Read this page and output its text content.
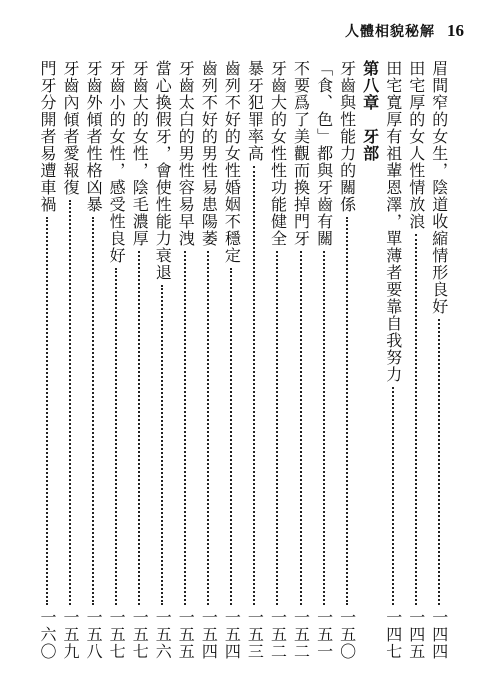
人體相貌秘解 16
眉間窄的女生，陰道收縮情形良好
一四四
田宅厚的女人性情放浪
一四五
田宅寬厚有祖輩恩澤，單薄者要靠自我努力
一四七
第八章　牙部
牙齒與性能力的關係
一五〇
「食、色」都與牙齒有關
一五一
不要爲了美觀而換掉門牙
一五二
牙齒大的女性性功能健全
一五二
暴牙犯罪率高
一五三
齒列不好的女性婚姻不穩定
一五四
齒列不好的男性易患陽萎
一五四
牙齒太白的男性容易早洩
一五五
當心換假牙，會使性能力衰退
一五六
牙齒大的女性，陰毛濃厚
一五七
牙齒小的女性，感受性良好
一五七
牙齒外傾者性格凶暴
一五八
牙齒內傾者愛報復
一五九
門牙分開者易遭車禍
一六〇
